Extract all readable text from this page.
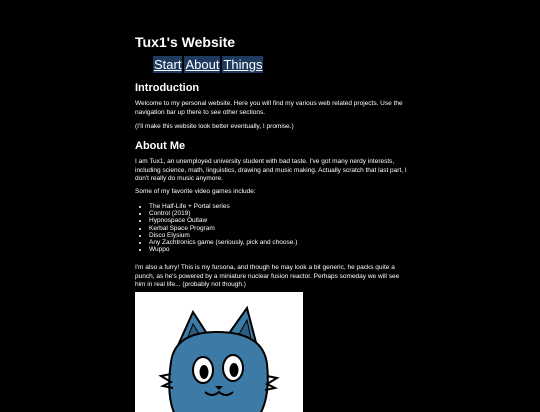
Tux1's Website
Start About Things
Introduction

Welcome to my personal website. Here you will find my various web related projects. Use the navigation bar up there to see other sections.

(I'll make this website look better eventually, I promise.)

About Me

I am Tux1, an unemployed university student with bad taste. I've got many nerdy interests, including science, math, linguistics, drawing and music making. Actually scratch that last part, I don't really do music anymore.

Some of my favorite video games include:

• The Half-Life + Portal series
• Control (2019)
• Hypnospace Outlaw
• Kerbal Space Program
• Disco Elysium
• Any Zachtronics game (seriously, pick and choose.)
• Wuppo

I'm also a furry! This is my fursona, and though he may look a bit generic, he packs quite a punch, as he's powered by a miniature nuclear fusion reactor. Perhaps someday we will see him in real life... (probably not though.)
